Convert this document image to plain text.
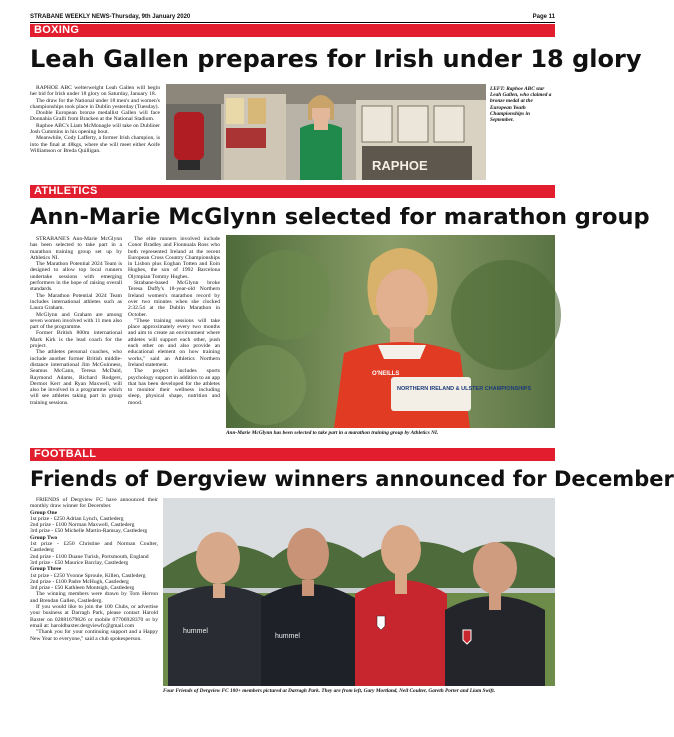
STRABANE WEEKLY NEWS-Thursday, 9th January 2020	Page 11
BOXING
Leah Gallen prepares for Irish under 18 glory

RAPHOE ABC welterweight Leah Gallen will begin her bid for Irish under 18 glory on Saturday, January 18.

The draw for the National under 18 men's and women's championships took place in Dublin yesterday (Tuesday).

Double European bronze medallist Gallen will face Donnahia Gralli from Bracken at the National Stadium.

Raphoe ABC's Liam McMonagle will take on Dubliner Josh Cummins in his opening bout.

Meanwhile, Cody Lafferty, a former Irish champion, is into the final at 48kgs, where she will meet either Aoife Williamson or Breda Quilligan.

RAPHOE
LEFT: Raphoe ABC star Leah Gallen, who claimed a bronze medal at the European Youth Championships in September.
ATHLETICS
Ann-Marie McGlynn selected for marathon group

STRABANE'S Ann-Marie McGlynn has been selected to take part in a marathon training group set up by Athletics NI.

The Marathon Potential 2024 Team is designed to allow top local runners undertake sessions with emerging performers in the hope of raising overall standards.

The Marathon Potential 2024 Team includes international athletes such as Laura Graham.

McGlynn and Graham are among seven women involved with 11 men also part of the programme.

Former British 800m international Mark Kirk is the lead coach for the project.

The athletes personal coaches, who include another former British middle-distance international Jim McGuinness, Seamus McCann, Teresa McDaid, Raymond Adams, Richard Rodgers, Dermot Kerr and Ryan Maxwell, will also be involved in a programme which will see athletes taking part in group training sessions.

The elite runners involved include Conor Bradley and Fionnuala Ross who both represented Ireland at the recent European Cross Country Championships in Lisbon plus Eoghan Totten and Eoin Hughes, the son of 1992 Barcelona Olympian Tommy Hughes.

Strabane-based McGlynn broke Teresa Duffy's 18-year-old Northern Ireland women's marathon record by over two minutes when she clocked 2:32.54 at the Dublin Marathon in October.

"These training sessions will take place approximately every two months and aim to create an environment where athletes will support each other, push each other on and also provide an educational element on how training works," said an Athletics Northern Ireland statement.

The project includes sports psychology support in addition to an app that has been developed for the athletes to monitor their wellness including sleep, physical shape, nutrition and mood.

NORTHERN IRELAND & ULSTER CHAMPIONSHIPS
O'NEILLS
Ann-Marie McGlynn has been selected to take part in a marathon training group by Athletics NI.
FOOTBALL
Friends of Dergview winners announced for December

FRIENDS of Dergview FC have announced their monthly draw winner for December.

Group One

1st prize - £250 Adrian Lynch, Castlederg

2nd prize - £100 Norman Maxwell, Castlederg

3rd prize - £50 Michelle Martin-Ramsay, Castlederg

Group Two

1st prize - £250 Christine and Norman Coulter, Castlederg

2nd prize - £100 Duane Turish, Portsmouth, England

3rd prize - £50 Maurice Barclay, Castlederg

Group Three

1st prize - £250 Yvonne Sproule, Killen, Castlederg

2nd prize - £100 Padre McHugh, Castlederg

3rd prize - £50 Kathleen Montsigh, Castlederg

The winning members were drawn by Tom Herron and Brendan Gallen, Castlederg.

If you would like to join the 100 Clubs, or advertise your business at Darragh Park, please contact Harold Baxter on 02881679826 or mobile 07706928370 or by email at: haroldbaxter.dergviewfc@gmail.com

"Thank you for your continuing support and a Happy New Year to everyone," said a club spokesperson.

hummel
hummel
Four Friends of Dergview FC 100+ members pictured at Darragh Park. They are from left, Gary Mortland, Neil Coulter, Gareth Porter and Liam Swift.
